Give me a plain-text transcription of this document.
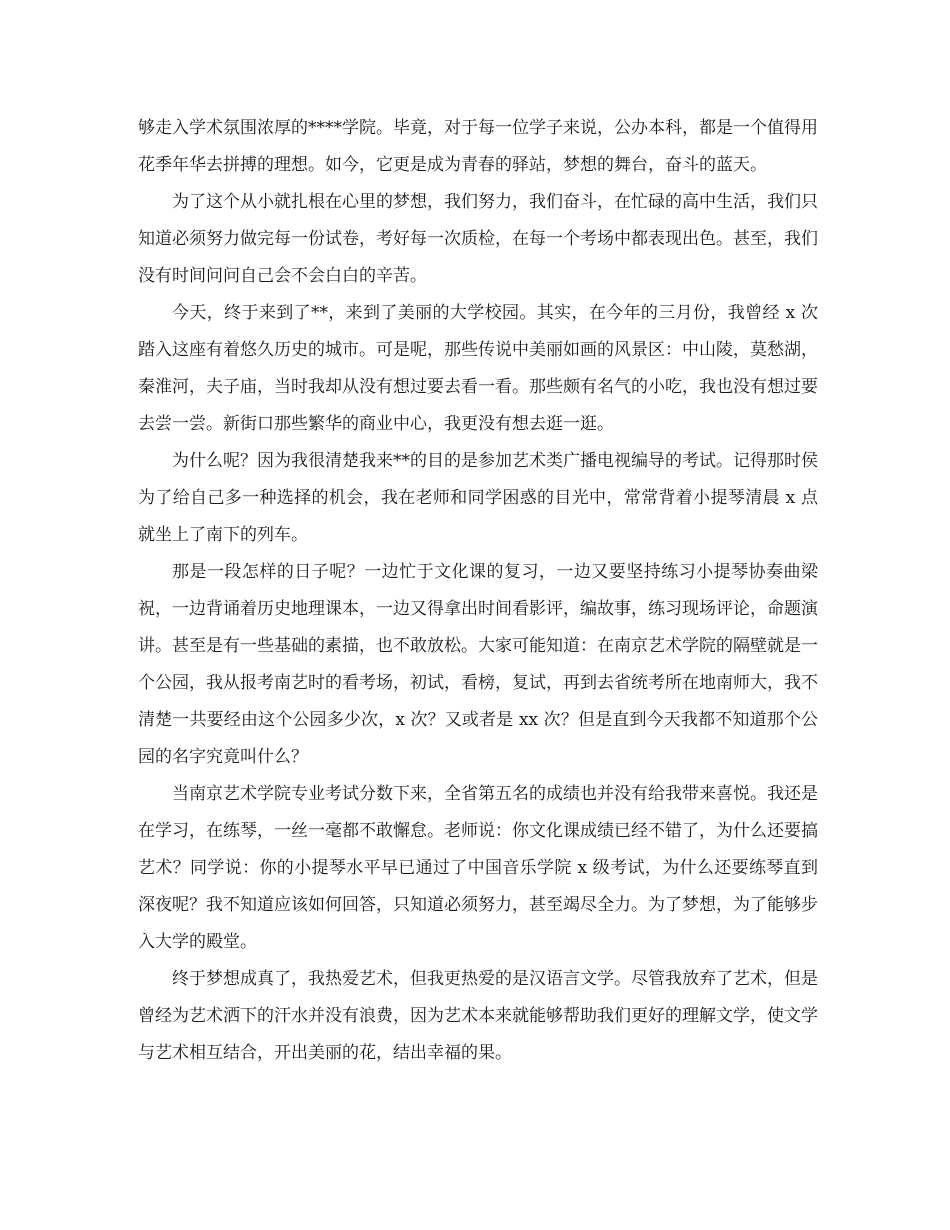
够走入学术氛围浓厚的****学院。毕竟，对于每一位学子来说，公办本科，都是一个值得用花季年华去拼搏的理想。如今，它更是成为青春的驿站，梦想的舞台，奋斗的蓝天。

为了这个从小就扎根在心里的梦想，我们努力，我们奋斗，在忙碌的高中生活，我们只知道必须努力做完每一份试卷，考好每一次质检，在每一个考场中都表现出色。甚至，我们没有时间问问自己会不会白白的辛苦。

今天，终于来到了**，来到了美丽的大学校园。其实，在今年的三月份，我曾经 x 次踏入这座有着悠久历史的城市。可是呢，那些传说中美丽如画的风景区：中山陵，莫愁湖，秦淮河，夫子庙，当时我却从没有想过要去看一看。那些颇有名气的小吃，我也没有想过要去尝一尝。新街口那些繁华的商业中心，我更没有想去逛一逛。

为什么呢？因为我很清楚我来**的目的是参加艺术类广播电视编导的考试。记得那时侯为了给自己多一种选择的机会，我在老师和同学困惑的目光中，常常背着小提琴清晨 x 点就坐上了南下的列车。

那是一段怎样的日子呢？一边忙于文化课的复习，一边又要坚持练习小提琴协奏曲梁祝，一边背诵着历史地理课本，一边又得拿出时间看影评，编故事，练习现场评论，命题演讲。甚至是有一些基础的素描，也不敢放松。大家可能知道：在南京艺术学院的隔壁就是一个公园，我从报考南艺时的看考场，初试，看榜，复试，再到去省统考所在地南师大，我不清楚一共要经由这个公园多少次，x 次？又或者是 xx 次？但是直到今天我都不知道那个公园的名字究竟叫什么？

当南京艺术学院专业考试分数下来，全省第五名的成绩也并没有给我带来喜悦。我还是在学习，在练琴，一丝一毫都不敢懈怠。老师说：你文化课成绩已经不错了，为什么还要搞艺术？同学说：你的小提琴水平早已通过了中国音乐学院 x 级考试，为什么还要练琴直到深夜呢？我不知道应该如何回答，只知道必须努力，甚至竭尽全力。为了梦想，为了能够步入大学的殿堂。

终于梦想成真了，我热爱艺术，但我更热爱的是汉语言文学。尽管我放弃了艺术，但是曾经为艺术洒下的汗水并没有浪费，因为艺术本来就能够帮助我们更好的理解文学，使文学与艺术相互结合，开出美丽的花，结出幸福的果。
